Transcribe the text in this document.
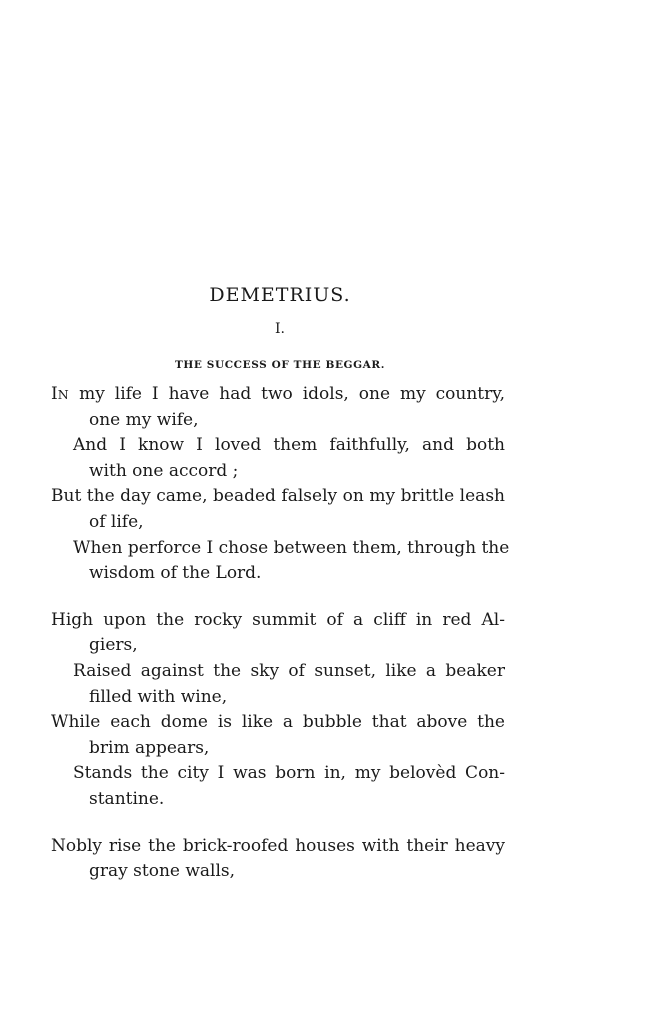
DEMETRIUS.
I.
THE SUCCESS OF THE BEGGAR.
IN my life I have had two idols, one my country,
one my wife,
And I know I loved them faithfully, and both
with one accord ;
But the day came, beaded falsely on my brittle leash
of life,
When perforce I chose between them, through the
wisdom of the Lord.
High upon the rocky summit of a cliff in red Al-
giers,
Raised against the sky of sunset, like a beaker
filled with wine,
While each dome is like a bubble that above the
brim appears,
Stands the city I was born in, my belovèd Con-
stantine.
Nobly rise the brick-roofed houses with their heavy
gray stone walls,
